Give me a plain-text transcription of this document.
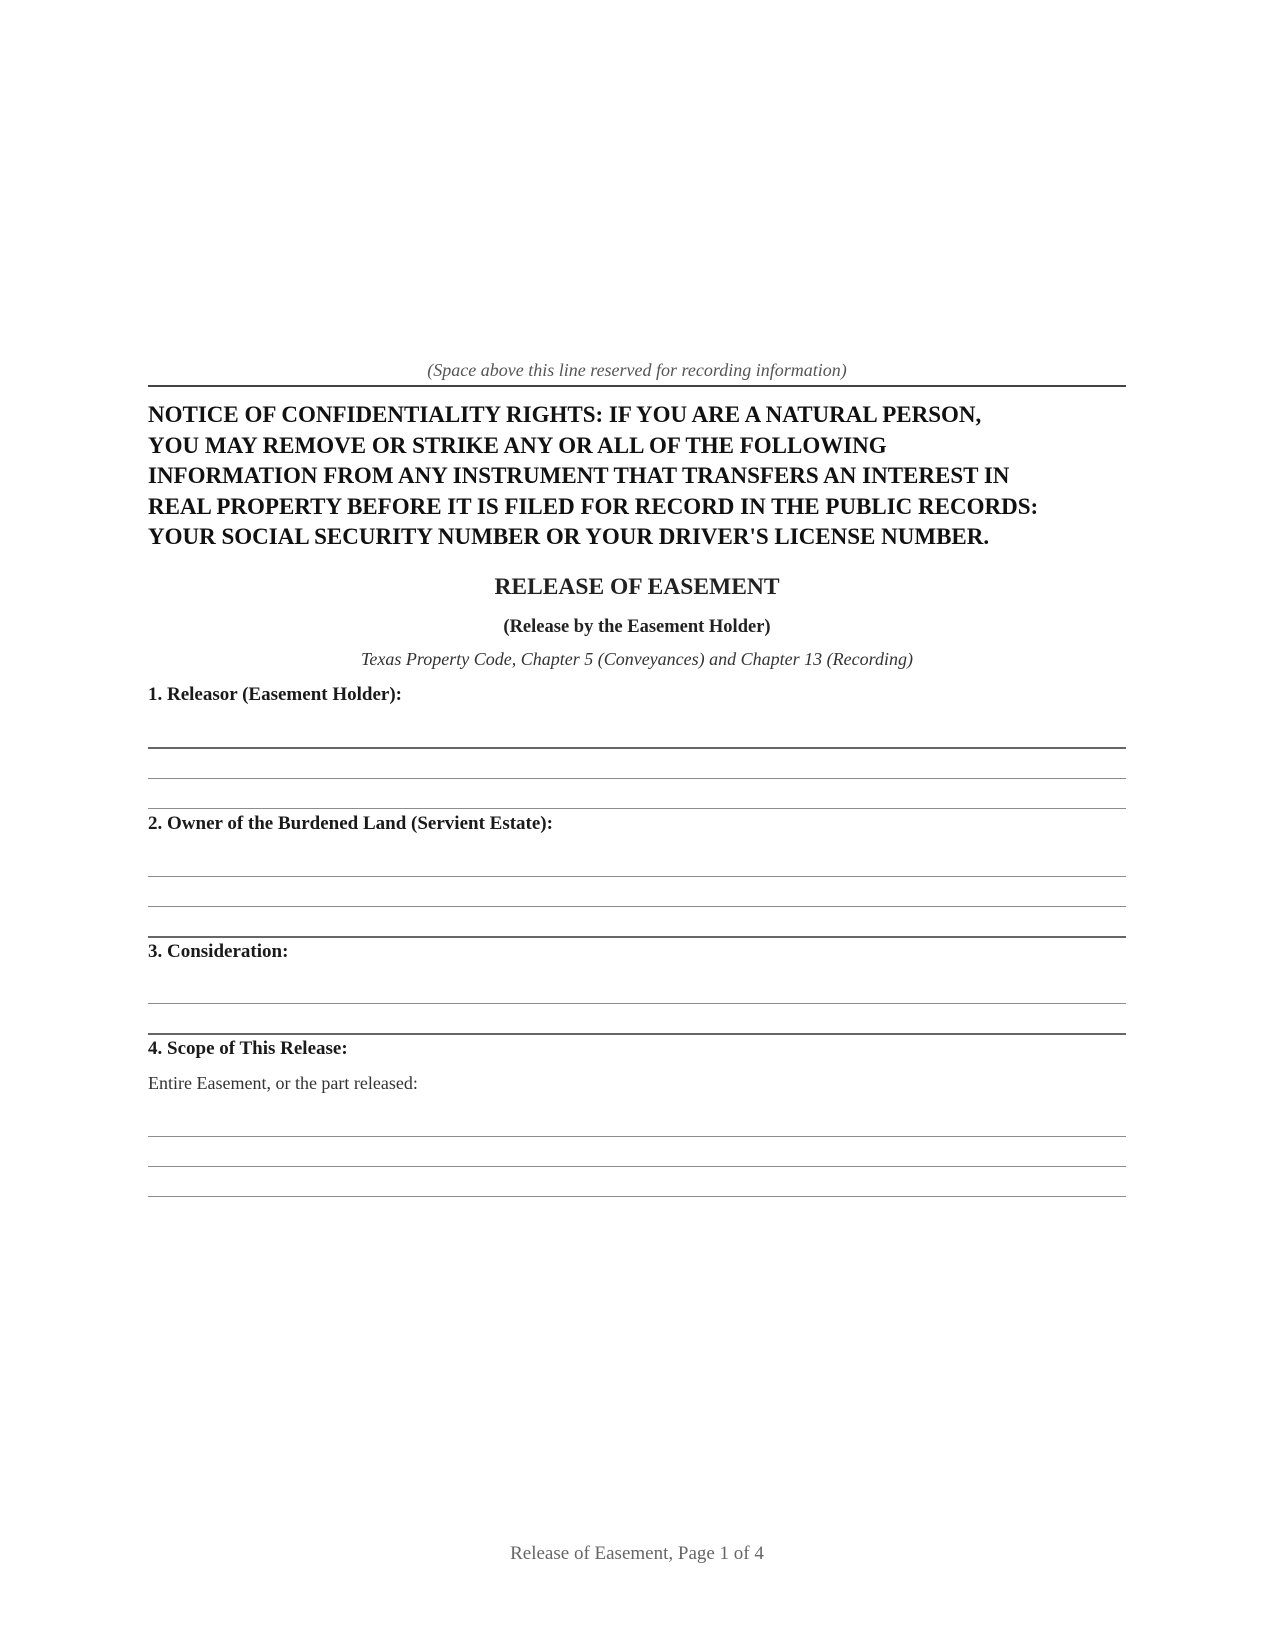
(Space above this line reserved for recording information)
NOTICE OF CONFIDENTIALITY RIGHTS: IF YOU ARE A NATURAL PERSON,
YOU MAY REMOVE OR STRIKE ANY OR ALL OF THE FOLLOWING
INFORMATION FROM ANY INSTRUMENT THAT TRANSFERS AN INTEREST IN
REAL PROPERTY BEFORE IT IS FILED FOR RECORD IN THE PUBLIC RECORDS:
YOUR SOCIAL SECURITY NUMBER OR YOUR DRIVER'S LICENSE NUMBER.
RELEASE OF EASEMENT
(Release by the Easement Holder)
Texas Property Code, Chapter 5 (Conveyances) and Chapter 13 (Recording)
1. Releasor (Easement Holder):
2. Owner of the Burdened Land (Servient Estate):
3. Consideration:
4. Scope of This Release:
Entire Easement, or the part released:
Release of Easement, Page 1 of 4
